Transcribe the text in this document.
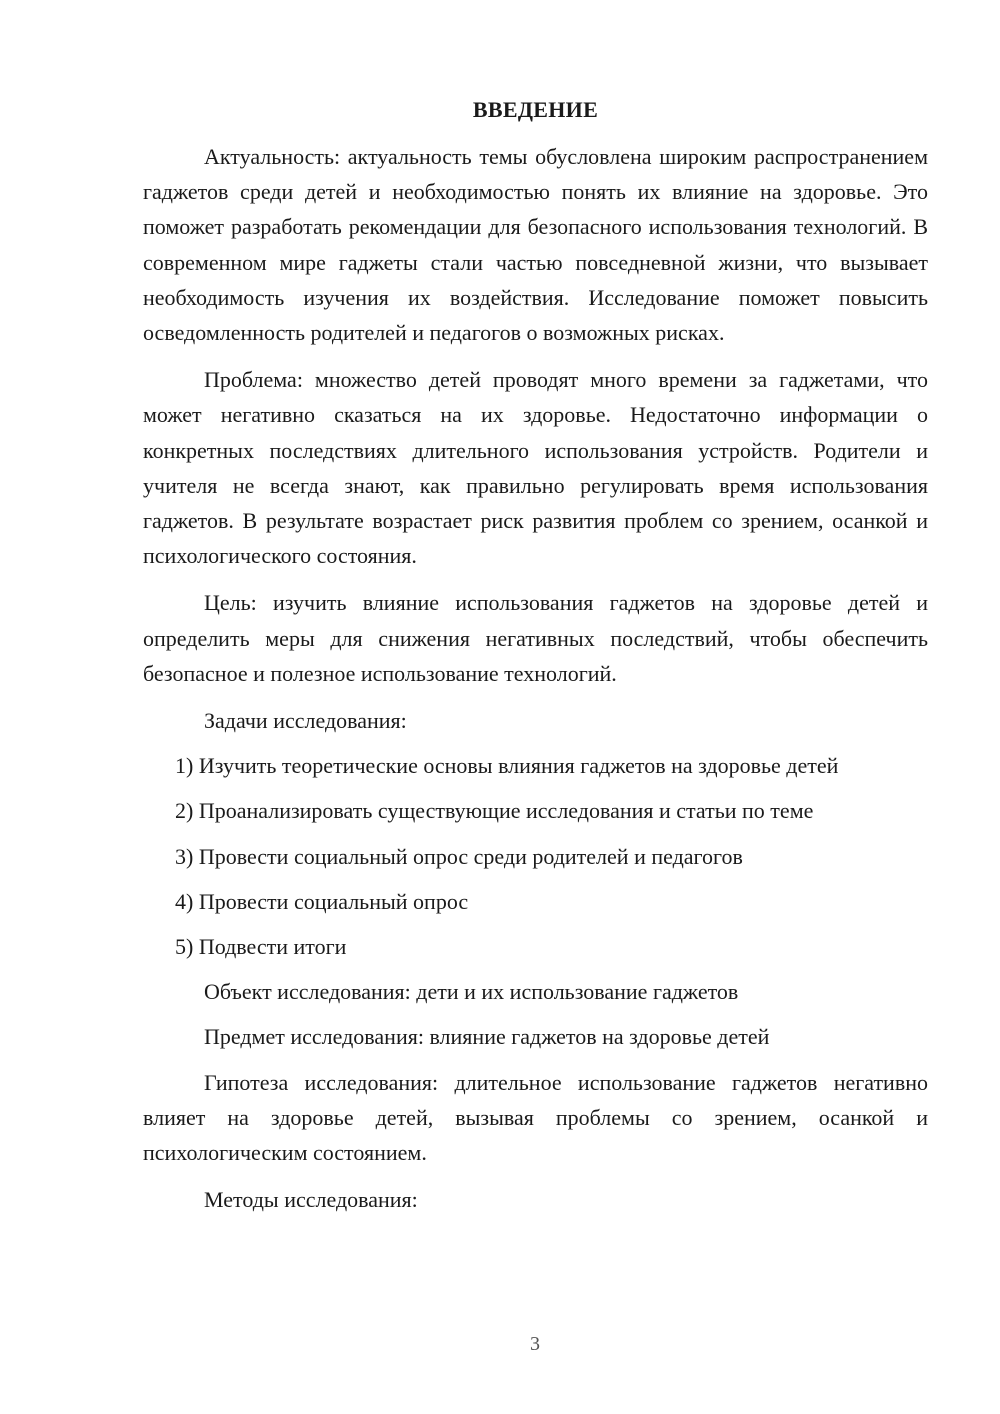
ВВЕДЕНИЕ

Актуальность: актуальность темы обусловлена широким распространением гаджетов среди детей и необходимостью понять их влияние на здоровье. Это поможет разработать рекомендации для безопасного использования технологий. В современном мире гаджеты стали частью повседневной жизни, что вызывает необходимость изучения их воздействия. Исследование поможет повысить осведомленность родителей и педагогов о возможных рисках.

Проблема: множество детей проводят много времени за гаджетами, что может негативно сказаться на их здоровье. Недостаточно информации о конкретных последствиях длительного использования устройств. Родители и учителя не всегда знают, как правильно регулировать время использования гаджетов. В результате возрастает риск развития проблем со зрением, осанкой и психологического состояния.

Цель: изучить влияние использования гаджетов на здоровье детей и определить меры для снижения негативных последствий, чтобы обеспечить безопасное и полезное использование технологий.

Задачи исследования:

1) Изучить теоретические основы влияния гаджетов на здоровье детей

2) Проанализировать существующие исследования и статьи по теме

3) Провести социальный опрос среди родителей и педагогов

4) Провести социальный опрос

5) Подвести итоги

Объект исследования: дети и их использование гаджетов

Предмет исследования: влияние гаджетов на здоровье детей

Гипотеза исследования: длительное использование гаджетов негативно влияет на здоровье детей, вызывая проблемы со зрением, осанкой и психологическим состоянием.

Методы исследования:

3
